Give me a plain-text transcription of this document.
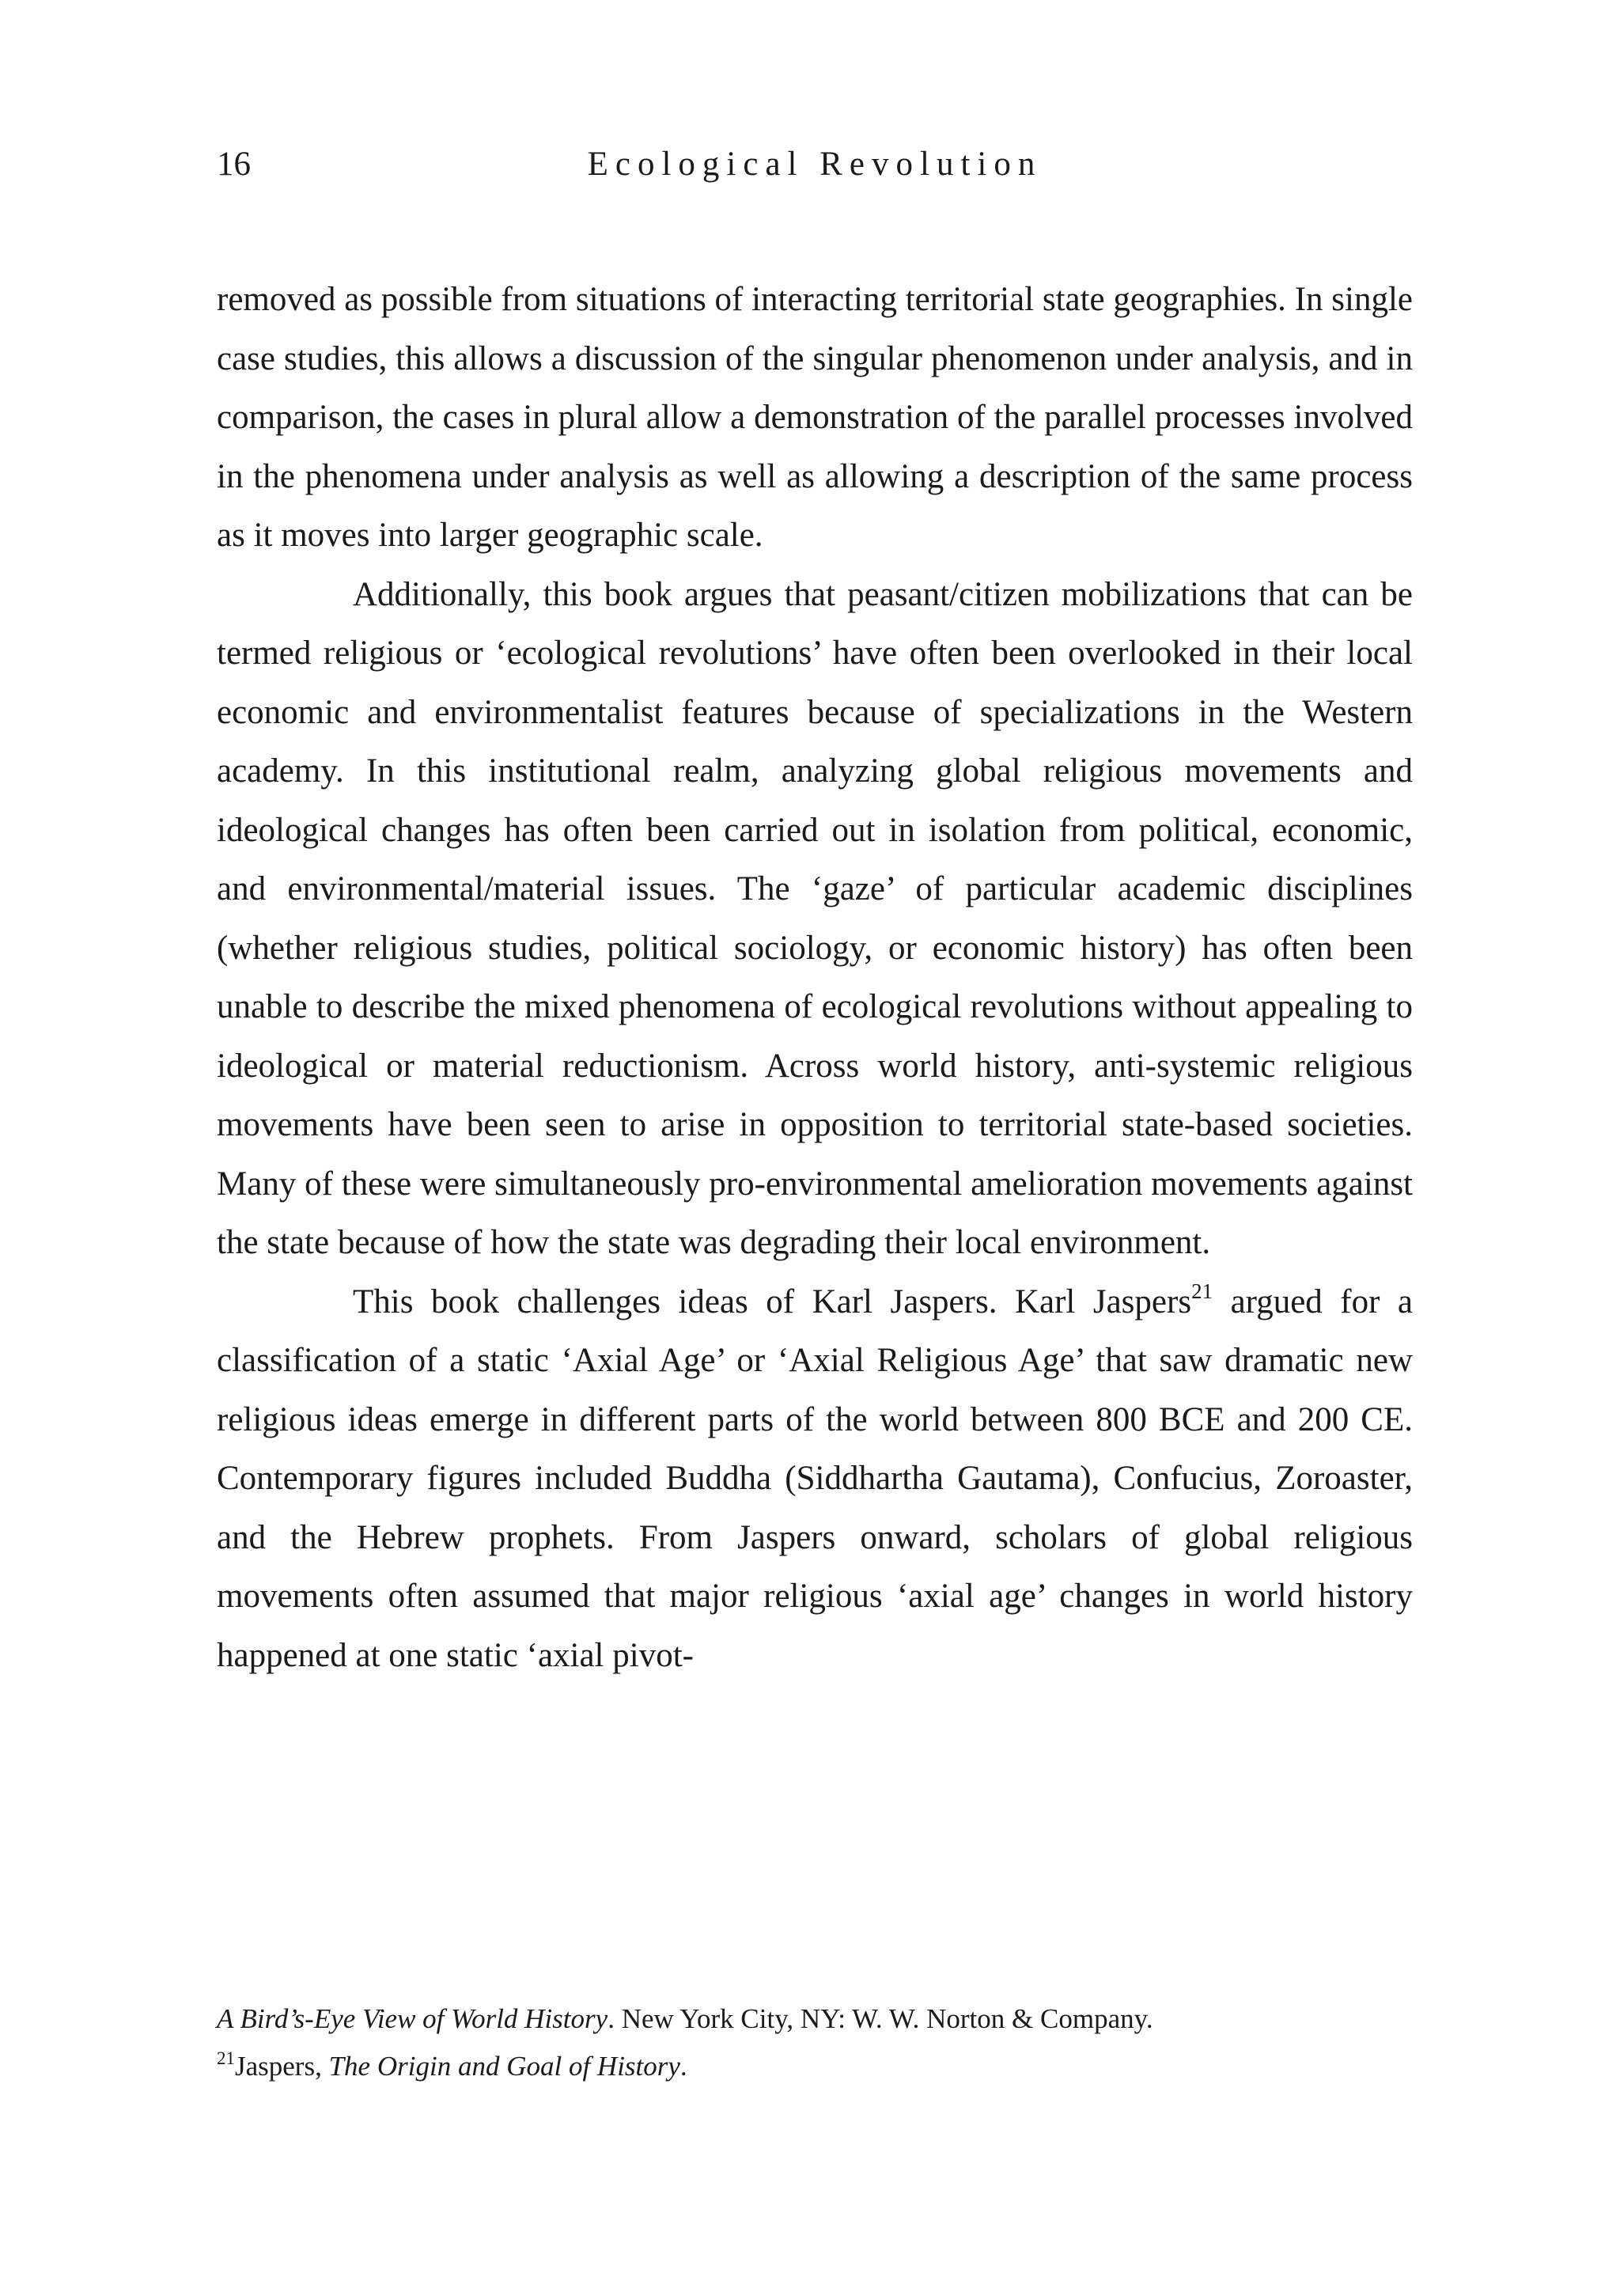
16	Ecological Revolution

removed as possible from situations of interacting territorial state geographies. In single case studies, this allows a discussion of the singular phenomenon under analysis, and in comparison, the cases in plural allow a demonstration of the parallel processes involved in the phenomena under analysis as well as allowing a description of the same process as it moves into larger geographic scale.

Additionally, this book argues that peasant/citizen mobilizations that can be termed religious or ‘ecological revolutions’ have often been overlooked in their local economic and environmentalist features because of specializations in the Western academy. In this institutional realm, analyzing global religious movements and ideological changes has often been carried out in isolation from political, economic, and environmental/material issues. The ‘gaze’ of particular academic disciplines (whether religious studies, political sociology, or economic history) has often been unable to describe the mixed phenomena of ecological revolutions without appealing to ideological or material reductionism. Across world history, anti-systemic religious movements have been seen to arise in opposition to territorial state-based societies. Many of these were simultaneously pro-environmental amelioration movements against the state because of how the state was degrading their local environment.

This book challenges ideas of Karl Jaspers. Karl Jaspers$^{21}$ argued for a classification of a static ‘Axial Age’ or ‘Axial Religious Age’ that saw dramatic new religious ideas emerge in different parts of the world between 800 BCE and 200 CE. Contemporary figures included Buddha (Siddhartha Gautama), Confucius, Zoroaster, and the Hebrew prophets. From Jaspers onward, scholars of global religious movements often assumed that major religious ‘axial age’ changes in world history happened at one static ‘axial pivot-

A Bird’s-Eye View of World History. New York City, NY: W. W. Norton & Company.

$^{21}$Jaspers, The Origin and Goal of History.
